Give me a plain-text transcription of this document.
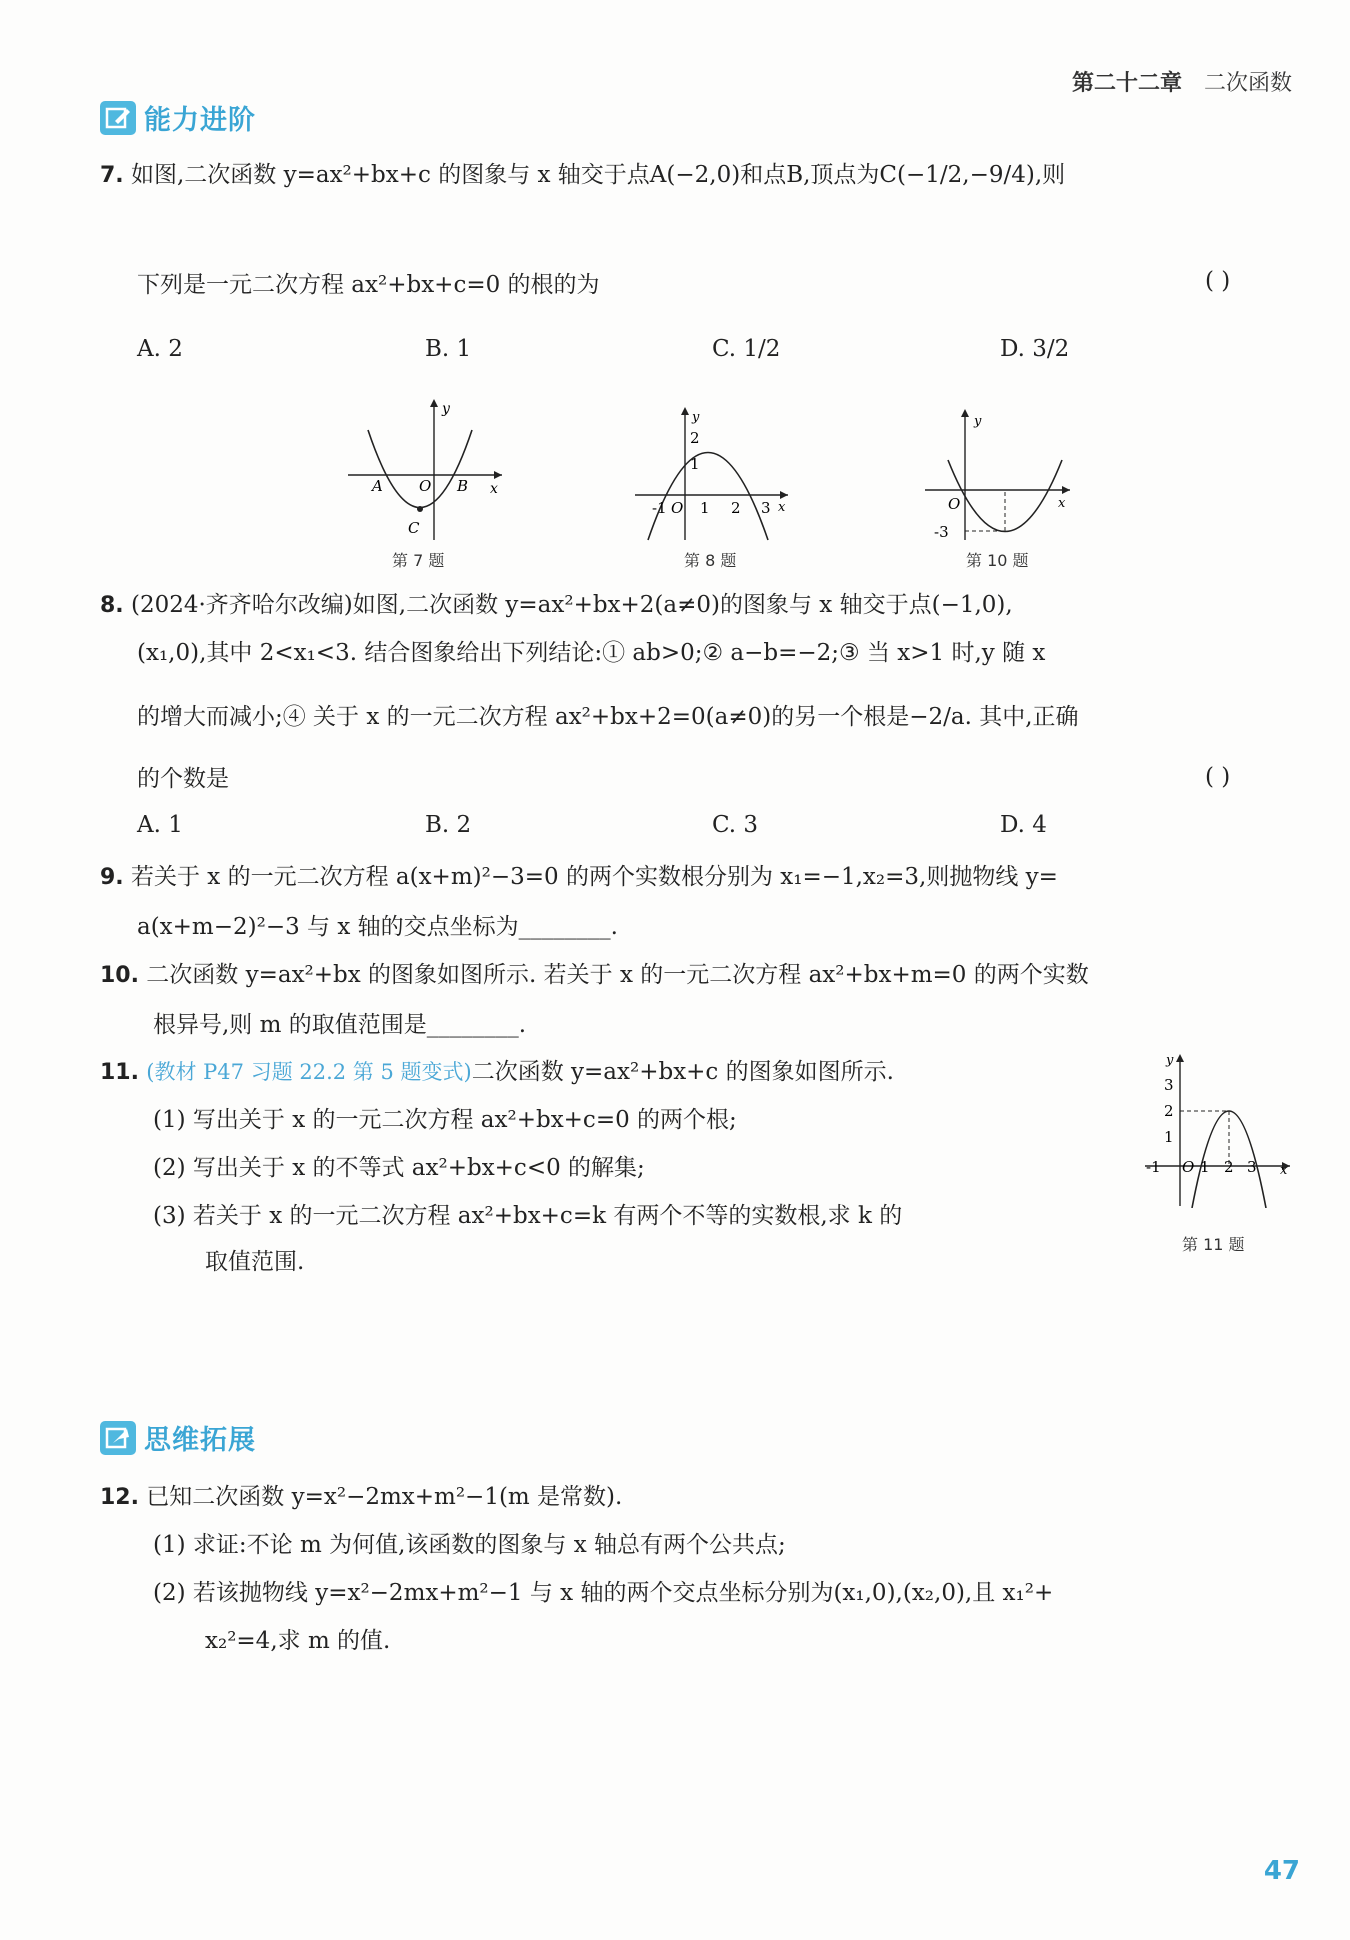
第二十二章 二次函数
能力进阶
7. 如图,二次函数 y=ax²+bx+c 的图象与 x 轴交于点A(−2,0)和点B,顶点为C(−1/2,−9/4),则
下列是一元二次方程 ax²+bx+c=0 的根的为	( )
A. 2	B. 1	C. 1/2	D. 3/2
y
x
A O B
C
第 7 题
y
x
2
1
-1 O 1 2 3
第 8 题
y
x
O
-3
第 10 题
8. (2024·齐齐哈尔改编)如图,二次函数 y=ax²+bx+2(a≠0)的图象与 x 轴交于点(−1,0),
(x₁,0),其中 2<x₁<3. 结合图象给出下列结论:① ab>0;② a−b=−2;③ 当 x>1 时,y 随 x
的增大而减小;④ 关于 x 的一元二次方程 ax²+bx+2=0(a≠0)的另一个根是−2/a. 其中,正确
的个数是	( )
A. 1	B. 2	C. 3	D. 4
9. 若关于 x 的一元二次方程 a(x+m)²−3=0 的两个实数根分别为 x₁=−1,x₂=3,则抛物线 y=
a(x+m−2)²−3 与 x 轴的交点坐标为________.
10. 二次函数 y=ax²+bx 的图象如图所示. 若关于 x 的一元二次方程 ax²+bx+m=0 的两个实数
根异号,则 m 的取值范围是________.
11. (教材 P47 习题 22.2 第 5 题变式)二次函数 y=ax²+bx+c 的图象如图所示.
(1) 写出关于 x 的一元二次方程 ax²+bx+c=0 的两个根;
(2) 写出关于 x 的不等式 ax²+bx+c<0 的解集;
(3) 若关于 x 的一元二次方程 ax²+bx+c=k 有两个不等的实数根,求 k 的
取值范围.
y
x
3
2
1
-1 O 1 2 3
第 11 题
思维拓展
12. 已知二次函数 y=x²−2mx+m²−1(m 是常数).
(1) 求证:不论 m 为何值,该函数的图象与 x 轴总有两个公共点;
(2) 若该抛物线 y=x²−2mx+m²−1 与 x 轴的两个交点坐标分别为(x₁,0),(x₂,0),且 x₁²+
x₂²=4,求 m 的值.
47
